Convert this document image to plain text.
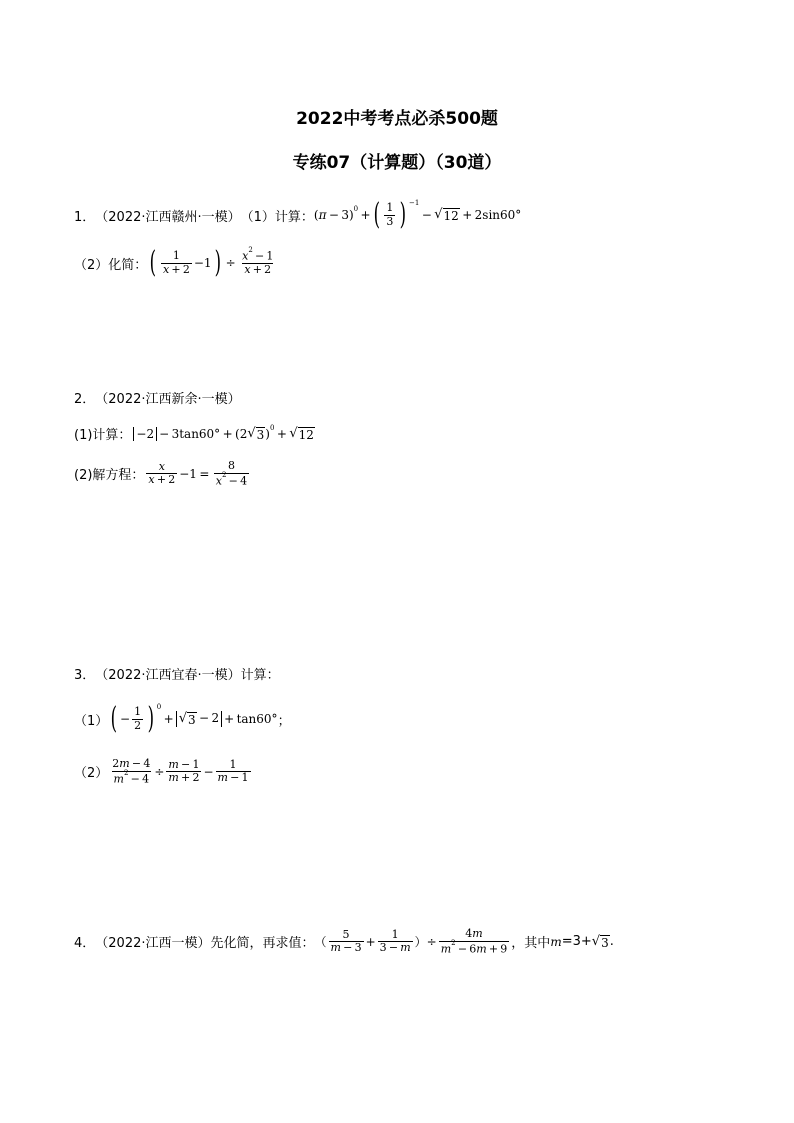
2022中考考点必杀500题
专练07（计算题）（30道）
1． （2022·江西赣州·一模） （1）计算： ( π  − 3) 0  + ( $\frac{1}{3}$ ) −1
 −  √ 12  + 2sin60°
（2）化简： ( $\frac{1}{x + 2} -1$ )  ÷  $\frac{x^2 - 1}{x + 2}$
2． （2022·江西新余·一模）
(1)计算： −2 − 3tan60° + (2 √ 3 ) 0  +  √ 12
(2)解方程： $\frac{x}{x + 2} -1 = \frac{8}{x^2 - 4}$
3． （2022·江西宜春·一模）计算：
（1） ( − $\frac{1}{2}$ ) 0
 + √ 3  − 2 + tan60° ；
$(2) \frac{2m - 4}{m^2 - 4} \div \frac{m - 1}{m + 2} - \frac{1}{m - 1}$
4． （2022·江西一模）先化简，再求值： （ $\frac{5}{m - 3} + \frac{1}{3 - m}$ ）÷ $\frac{4m}{m^2 - 6m + 9}$ ，其中 m =3+ √ 3 .
